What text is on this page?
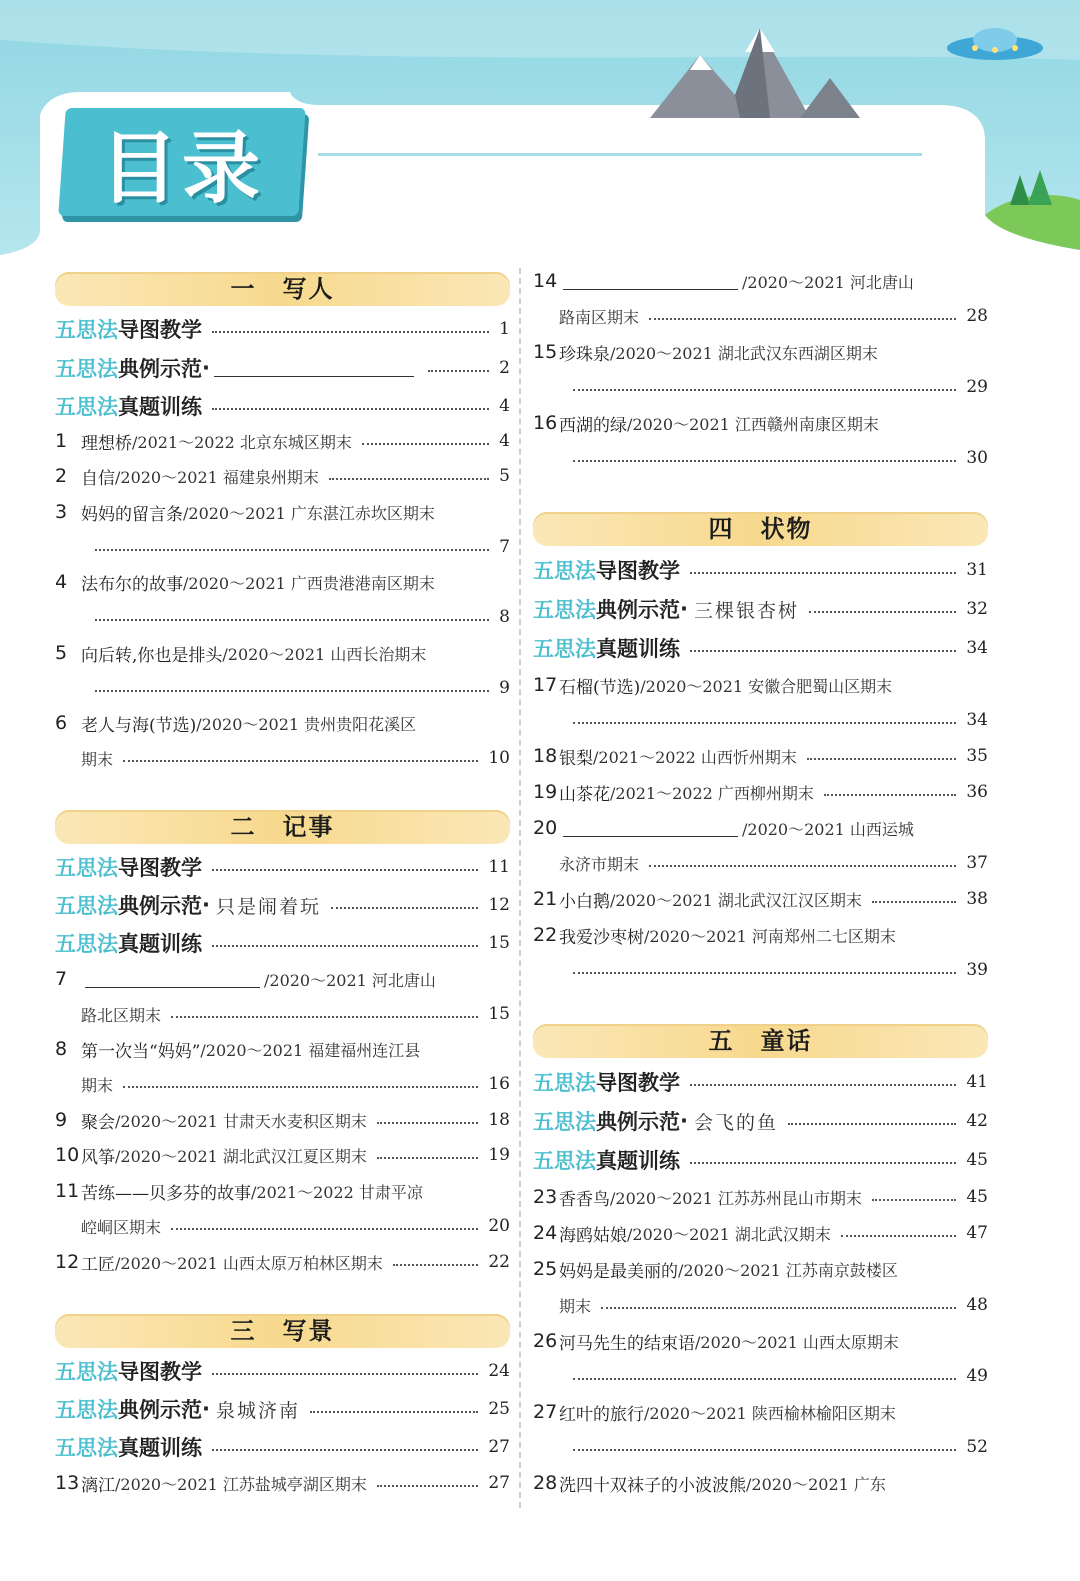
目录
一　写人
五思法 导图教学	1
五思法 典例示范 ·	2
五思法 真题训练	4
1 理想桥 /2021～2022 北京东城区期末	4
2 自信 /2020～2021 福建泉州期末	5
3 妈妈的留言条 /2020～2021 广东湛江赤坎区期末
7
4 法布尔的故事 /2020～2021 广西贵港港南区期末
8
5 向后转,你也是排头 /2020～2021 山西长治期末
9
6 老人与海(节选) /2020～2021 贵州贵阳花溪区
期末	10
二　记事
五思法 导图教学	11
五思法 典例示范 · 只是闹着玩	12
五思法 真题训练	15
7	/2020～2021 河北唐山
路北区期末	15
8 第一次当“妈妈” /2020～2021 福建福州连江县
期末	16
9 聚会 /2020～2021 甘肃天水麦积区期末	18
10 风筝 /2020～2021 湖北武汉江夏区期末	19
11 苦练——贝多芬的故事 /2021～2022 甘肃平凉
崆峒区期末	20
12 工匠 /2020～2021 山西太原万柏林区期末	22
三　写景
五思法 导图教学	24
五思法 典例示范 · 泉城济南	25
五思法 真题训练	27
13 漓江 /2020～2021 江苏盐城亭湖区期末	27
14	/2020～2021 河北唐山
路南区期末	28
15 珍珠泉 /2020～2021 湖北武汉东西湖区期末
29
16 西湖的绿 /2020～2021 江西赣州南康区期末
30
四　状物
五思法 导图教学	31
五思法 典例示范 · 三棵银杏树	32
五思法 真题训练	34
17 石榴(节选) /2020～2021 安徽合肥蜀山区期末
34
18 银梨 /2021～2022 山西忻州期末	35
19 山茶花 /2021～2022 广西柳州期末	36
20	/2020～2021 山西运城
永济市期末	37
21 小白鹅 /2020～2021 湖北武汉江汉区期末	38
22 我爱沙枣树 /2020～2021 河南郑州二七区期末
39
五　童话
五思法 导图教学	41
五思法 典例示范 · 会飞的鱼	42
五思法 真题训练	45
23 香香鸟 /2020～2021 江苏苏州昆山市期末	45
24 海鸥姑娘 /2020～2021 湖北武汉期末	47
25 妈妈是最美丽的 /2020～2021 江苏南京鼓楼区
期末	48
26 河马先生的结束语 /2020～2021 山西太原期末
49
27 红叶的旅行 /2020～2021 陕西榆林榆阳区期末
52
28 洗四十双袜子的小波波熊 /2020～2021 广东
